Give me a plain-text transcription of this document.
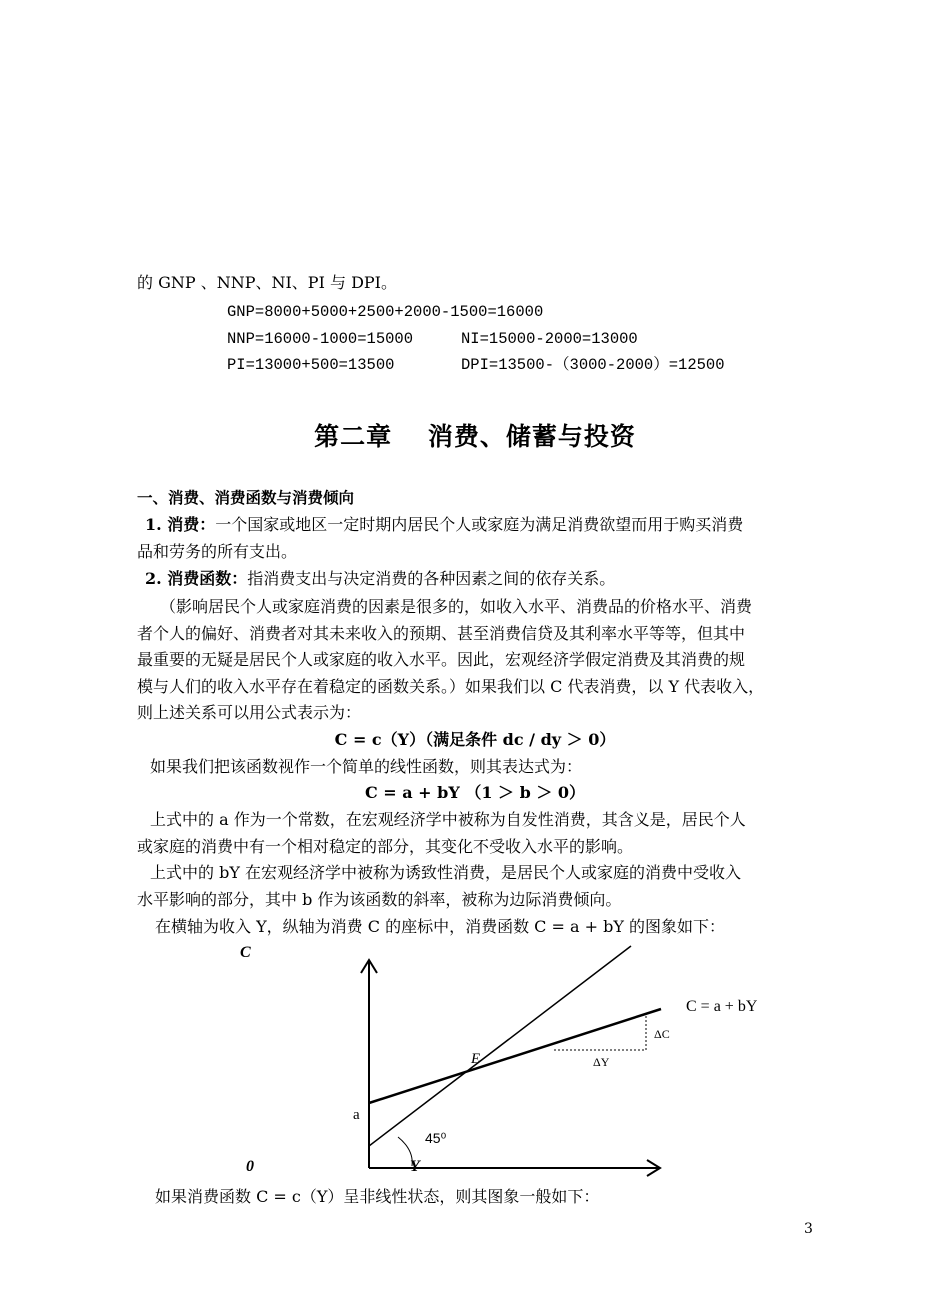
的 GNP 、NNP、NI、PI 与 DPI。
GNP=8000+5000+2500+2000-1500=16000
NNP=16000-1000=15000	NI=15000-2000=13000
PI=13000+500=13500	DPI=13500-（3000-2000）=12500
第二章　 消费、储蓄与投资
一、消费、消费函数与消费倾向
1. 消费：一个国家或地区一定时期内居民个人或家庭为满足消费欲望而用于购买消费
品和劳务的所有支出。
2. 消费函数：指消费支出与决定消费的各种因素之间的依存关系。
（影响居民个人或家庭消费的因素是很多的，如收入水平、消费品的价格水平、消费
者个人的偏好、消费者对其未来收入的预期、甚至消费信贷及其利率水平等等，但其中
最重要的无疑是居民个人或家庭的收入水平。因此，宏观经济学假定消费及其消费的规
模与人们的收入水平存在着稳定的函数关系。）如果我们以 C 代表消费，以 Y 代表收入，
则上述关系可以用公式表示为：
C = c（Y）（满足条件 dc / dy ＞ 0）
如果我们把该函数视作一个简单的线性函数，则其表达式为：
C = a + bY （1 ＞ b ＞ 0）
上式中的 a 作为一个常数，在宏观经济学中被称为自发性消费，其含义是，居民个人
或家庭的消费中有一个相对稳定的部分，其变化不受收入水平的影响。
上式中的 bY 在宏观经济学中被称为诱致性消费，是居民个人或家庭的消费中受收入
水平影响的部分，其中 b 作为该函数的斜率，被称为边际消费倾向。
在横轴为收入 Y，纵轴为消费 C 的座标中，消费函数 C = a + bY 的图象如下：
C
0	Y
a
E
45⁰
C = a + bY
ΔC
ΔY
如果消费函数 C = c（Y）呈非线性状态，则其图象一般如下：
3
